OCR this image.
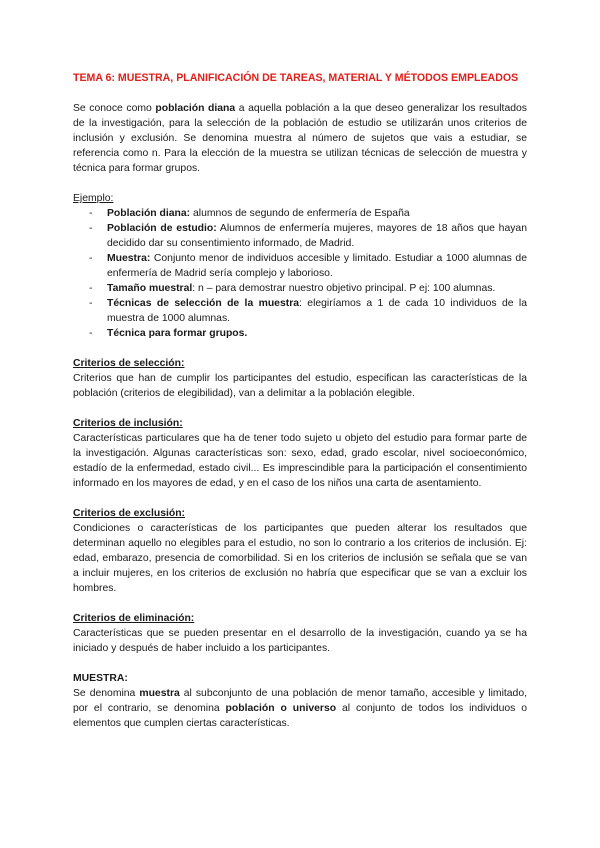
TEMA 6: MUESTRA, PLANIFICACIÓN DE TAREAS, MATERIAL Y MÉTODOS EMPLEADOS

Se conoce como población diana a aquella población a la que deseo generalizar los resultados de la investigación, para la selección de la población de estudio se utilizarán unos criterios de inclusión y exclusión. Se denomina muestra al número de sujetos que vais a estudiar, se referencia como n. Para la elección de la muestra se utilizan técnicas de selección de muestra y técnica para formar grupos.

Ejemplo:
- Población diana: alumnos de segundo de enfermería de España
- Población de estudio: Alumnos de enfermería mujeres, mayores de 18 años que hayan decidido dar su consentimiento informado, de Madrid.
- Muestra: Conjunto menor de individuos accesible y limitado. Estudiar a 1000 alumnas de enfermería de Madrid sería complejo y laborioso.
- Tamaño muestral: n – para demostrar nuestro objetivo principal. P ej: 100 alumnas.
- Técnicas de selección de la muestra: elegiríamos a 1 de cada 10 individuos de la muestra de 1000 alumnas.
- Técnica para formar grupos.
Criterios de selección:

Criterios que han de cumplir los participantes del estudio, especifican las características de la población (criterios de elegibilidad), van a delimitar a la población elegible.

Criterios de inclusión:

Características particulares que ha de tener todo sujeto u objeto del estudio para formar parte de la investigación. Algunas características son: sexo, edad, grado escolar, nivel socioeconómico, estadío de la enfermedad, estado civil... Es imprescindible para la participación el consentimiento informado en los mayores de edad, y en el caso de los niños una carta de asentamiento.

Criterios de exclusión:

Condiciones o características de los participantes que pueden alterar los resultados que determinan aquello no elegibles para el estudio, no son lo contrario a los criterios de inclusión. Ej: edad, embarazo, presencia de comorbilidad. Si en los criterios de inclusión se señala que se van a incluir mujeres, en los criterios de exclusión no habría que especificar que se van a excluir los hombres.

Criterios de eliminación:

Características que se pueden presentar en el desarrollo de la investigación, cuando ya se ha iniciado y después de haber incluido a los participantes.

MUESTRA:

Se denomina muestra al subconjunto de una población de menor tamaño, accesible y limitado, por el contrario, se denomina población o universo al conjunto de todos los individuos o elementos que cumplen ciertas características.
